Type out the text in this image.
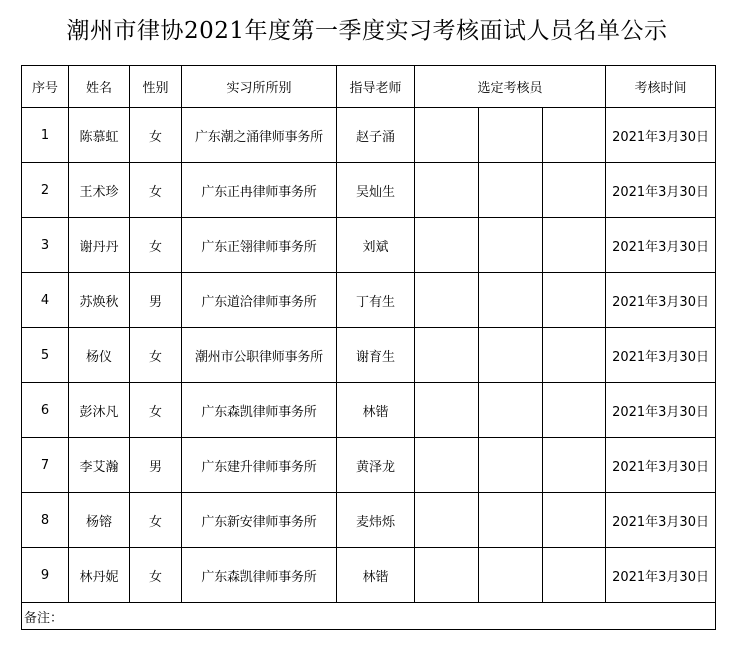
潮州市律协2021年度第一季度实习考核面试人员名单公示
序号	姓名	性别	实习所所别	指导老师	选定考核员			考核时间
1	陈慕虹	女	广东潮之涌律师事务所	赵子涌				2021年3月30日
2	王术珍	女	广东正冉律师事务所	吴灿生				2021年3月30日
3	谢丹丹	女	广东正翎律师事务所	刘斌				2021年3月30日
4	苏焕秋	男	广东道洽律师事务所	丁有生				2021年3月30日
5	杨仪	女	潮州市公职律师事务所	谢育生				2021年3月30日
6	彭沐凡	女	广东森凯律师事务所	林锴				2021年3月30日
7	李艾瀚	男	广东建升律师事务所	黄泽龙				2021年3月30日
8	杨镕	女	广东新安律师事务所	麦炜烁				2021年3月30日
9	林丹妮	女	广东森凯律师事务所	林锴				2021年3月30日
备注：								
